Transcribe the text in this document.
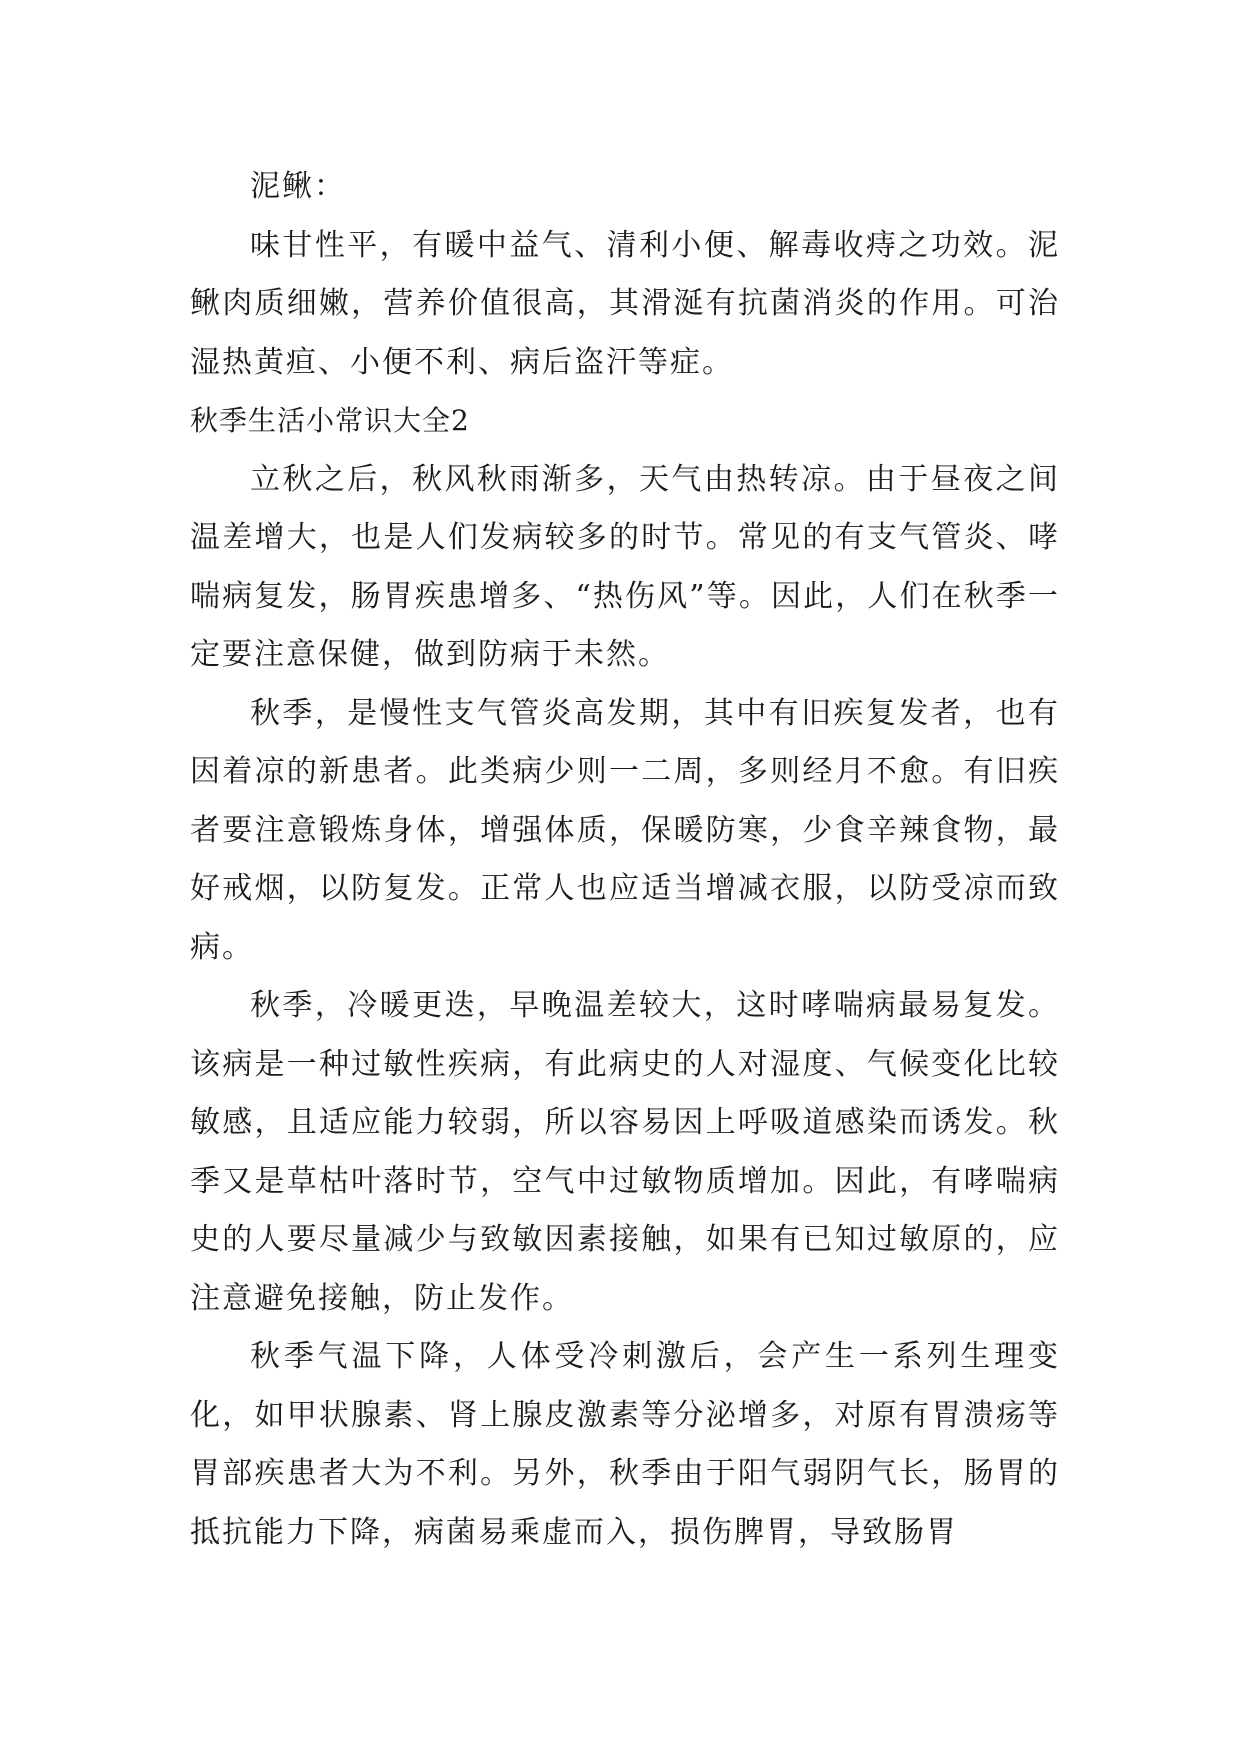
泥鳅：

味甘性平，有暖中益气、清利小便、解毒收痔之功效。泥鳅肉质细嫩，营养价值很高，其滑涎有抗菌消炎的作用。可治湿热黄疸、小便不利、病后盗汗等症。

秋季生活小常识大全2

立秋之后，秋风秋雨渐多，天气由热转凉。由于昼夜之间温差增大，也是人们发病较多的时节。常见的有支气管炎、哮喘病复发，肠胃疾患增多、“热伤风”等。因此，人们在秋季一定要注意保健，做到防病于未然。

秋季，是慢性支气管炎高发期，其中有旧疾复发者，也有因着凉的新患者。此类病少则一二周，多则经月不愈。有旧疾者要注意锻炼身体，增强体质，保暖防寒，少食辛辣食物，最好戒烟，以防复发。正常人也应适当增减衣服，以防受凉而致病。

秋季，冷暖更迭，早晚温差较大，这时哮喘病最易复发。该病是一种过敏性疾病，有此病史的人对湿度、气候变化比较敏感，且适应能力较弱，所以容易因上呼吸道感染而诱发。秋季又是草枯叶落时节，空气中过敏物质增加。因此，有哮喘病史的人要尽量减少与致敏因素接触，如果有已知过敏原的，应注意避免接触，防止发作。

秋季气温下降，人体受冷刺激后，会产生一系列生理变化，如甲状腺素、肾上腺皮激素等分泌增多，对原有胃溃疡等胃部疾患者大为不利。另外，秋季由于阳气弱阴气长，肠胃的抵抗能力下降，病菌易乘虚而入，损伤脾胃，导致肠胃
